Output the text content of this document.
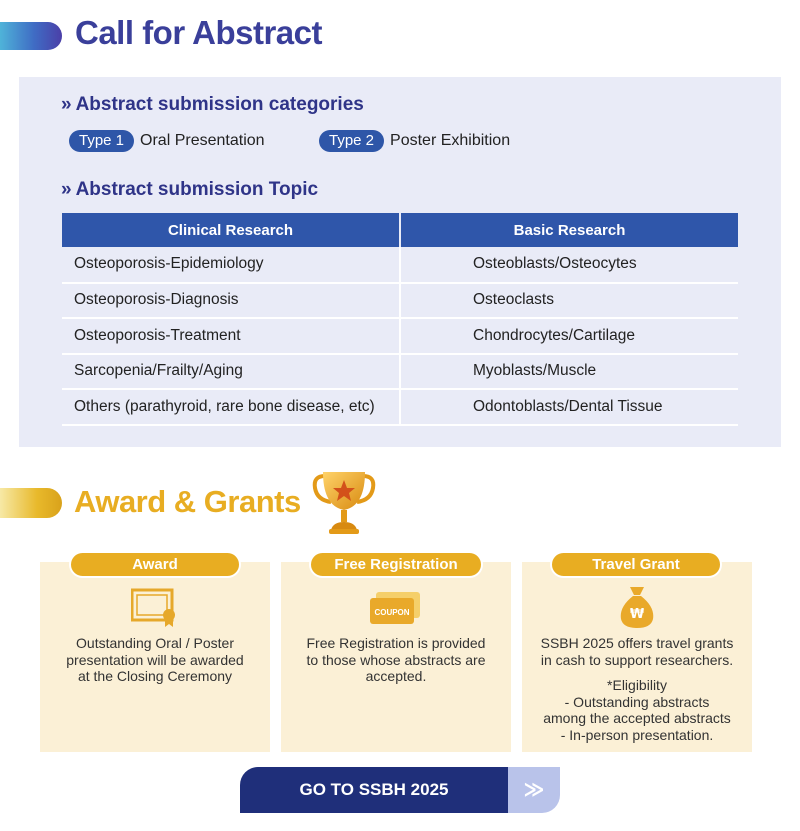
Call for Abstract
» Abstract submission categories
Type 1	Oral Presentation	Type 2	Poster Exhibition
» Abstract submission Topic
Clinical Research	Basic Research
Osteoporosis-Epidemiology	Osteoblasts/Osteocytes
Osteoporosis-Diagnosis	Osteoclasts
Osteoporosis-Treatment	Chondrocytes/Cartilage
Sarcopenia/Frailty/Aging	Myoblasts/Muscle
Others (parathyroid, rare bone disease, etc)	Odontoblasts/Dental Tissue
Award & Grants
Award
Outstanding Oral / Poster
presentation will be awarded
at the Closing Ceremony
Free Registration
COUPON
Free Registration is provided
to those whose abstracts are
accepted.
Travel Grant
₩
SSBH 2025 offers travel grants
in cash to support researchers.
*Eligibility
- Outstanding abstracts
among the accepted abstracts
- In-person presentation.
GO TO SSBH 2025	≫
